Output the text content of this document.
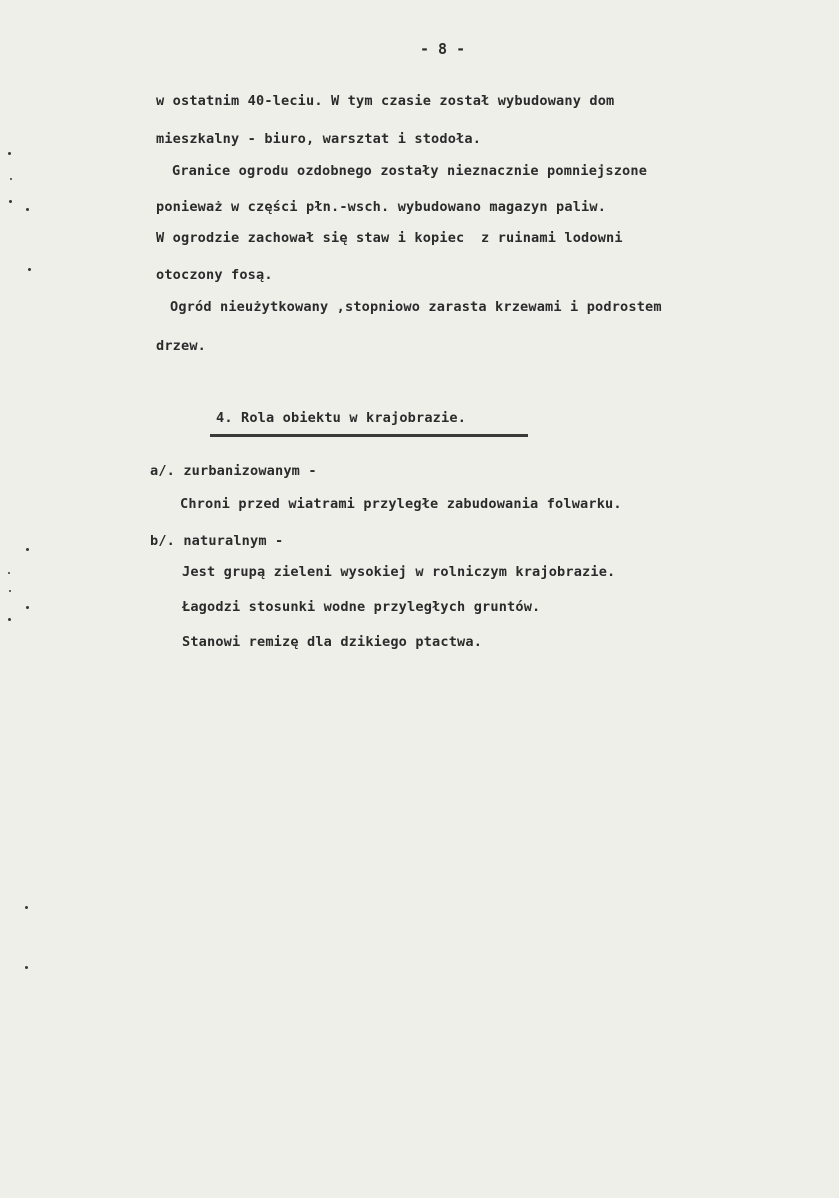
- 8 -
w ostatnim 40-leciu. W tym czasie został wybudowany dom
mieszkalny - biuro, warsztat i stodoła.
Granice ogrodu ozdobnego zostały nieznacznie pomniejszone
ponieważ w części płn.-wsch. wybudowano magazyn paliw.
W ogrodzie zachował się staw i kopiec  z ruinami lodowni
otoczony fosą.
Ogród nieużytkowany ,stopniowo zarasta krzewami i podrostem
drzew.
4. Rola obiektu w krajobrazie.
a/. zurbanizowanym -
Chroni przed wiatrami przyległe zabudowania folwarku.
b/. naturalnym -
Jest grupą zieleni wysokiej w rolniczym krajobrazie.
Łagodzi stosunki wodne przyległych gruntów.
Stanowi remizę dla dzikiego ptactwa.
